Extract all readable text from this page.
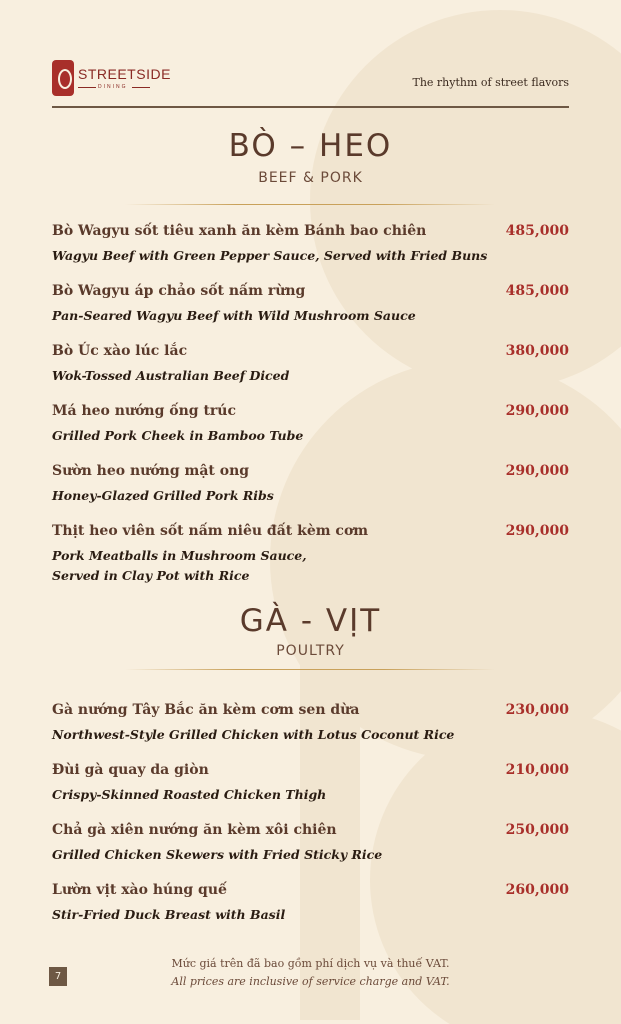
STREETSIDE
DINING	The rhythm of street flavors
BÒ – HEO
BEEF & PORK
Bò Wagyu sốt tiêu xanh ăn kèm Bánh bao chiên
Wagyu Beef with Green Pepper Sauce, Served with Fried Buns
485,000
Bò Wagyu áp chảo sốt nấm rừng
Pan-Seared Wagyu Beef with Wild Mushroom Sauce
485,000
Bò Úc xào lúc lắc
Wok-Tossed Australian Beef Diced
380,000
Má heo nướng ống trúc
Grilled Pork Cheek in Bamboo Tube
290,000
Sườn heo nướng mật ong
Honey-Glazed Grilled Pork Ribs
290,000
Thịt heo viên sốt nấm niêu đất kèm cơm
Pork Meatballs in Mushroom Sauce, Served in Clay Pot with Rice
290,000
GÀ - VỊT
POULTRY
Gà nướng Tây Bắc ăn kèm cơm sen dừa
Northwest-Style Grilled Chicken with Lotus Coconut Rice
230,000
Đùi gà quay da giòn
Crispy-Skinned Roasted Chicken Thigh
210,000
Chả gà xiên nướng ăn kèm xôi chiên
Grilled Chicken Skewers with Fried Sticky Rice
250,000
Lườn vịt xào húng quế
Stir-Fried Duck Breast with Basil
260,000
Mức giá trên đã bao gồm phí dịch vụ và thuế VAT.
All prices are inclusive of service charge and VAT.
7
